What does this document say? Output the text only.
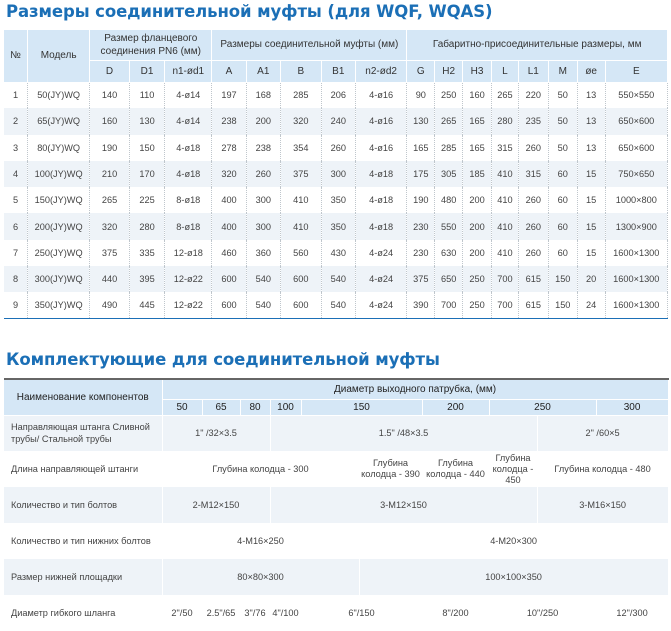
Размеры соединительной муфты (для WQF, WQAS)
№	Модель	Размер фланцевого соединения PN6 (мм)			Размеры соединительной муфты (мм)					Габаритно-присоединительные размеры, мм							
		D	D1	n1-ød1	A	A1	B	B1	n2-ød2	G	H2	H3	L	L1	M	øe	E
1	50(JY)WQ	140	110	4-ø14	197	168	285	206	4-ø16	90	250	160	265	220	50	13	550×550
2	65(JY)WQ	160	130	4-ø14	238	200	320	240	4-ø16	130	265	165	280	235	50	13	650×600
3	80(JY)WQ	190	150	4-ø18	278	238	354	260	4-ø16	165	285	165	315	260	50	13	650×600
4	100(JY)WQ	210	170	4-ø18	320	260	375	300	4-ø18	175	305	185	410	315	60	15	750×650
5	150(JY)WQ	265	225	8-ø18	400	300	410	350	4-ø18	190	480	200	410	260	60	15	1000×800
6	200(JY)WQ	320	280	8-ø18	400	300	410	350	4-ø18	230	550	200	410	260	60	15	1300×900
7	250(JY)WQ	375	335	12-ø18	460	360	560	430	4-ø24	230	630	200	410	260	60	15	1600×1300
8	300(JY)WQ	440	395	12-ø22	600	540	600	540	4-ø24	375	650	250	700	615	150	20	1600×1300
9	350(JY)WQ	490	445	12-ø22	600	540	600	540	4-ø24	390	700	250	700	615	150	24	1600×1300
Комплектующие для соединительной муфты
Наименование компонентов	Диаметр выходного патрубка, (мм)									
	50	65	80	100	150		200	250		300
Направляющая штанга Сливной трубы/ Стальной трубы	1" /32×3.5			1.5" /48×3.5					2" /60×5	
Длина направляющей штанги	Глубина колодца - 300					Глубина колодца - 390	Глубина колодца - 440	Глубина колодца - 450	Глубина колодца - 480	
Количество и тип болтов	2-M12×150			3-M12×150					3-M16×150	
Количество и тип нижних болтов	4-M16×250					4-M20×300				
Размер нижней площадки	80×80×300					100×100×350				
Диаметр гибкого шланга	2"/50	2.5"/65	3"/76	4"/100	6"/150		8"/200	10"/250		12"/300
